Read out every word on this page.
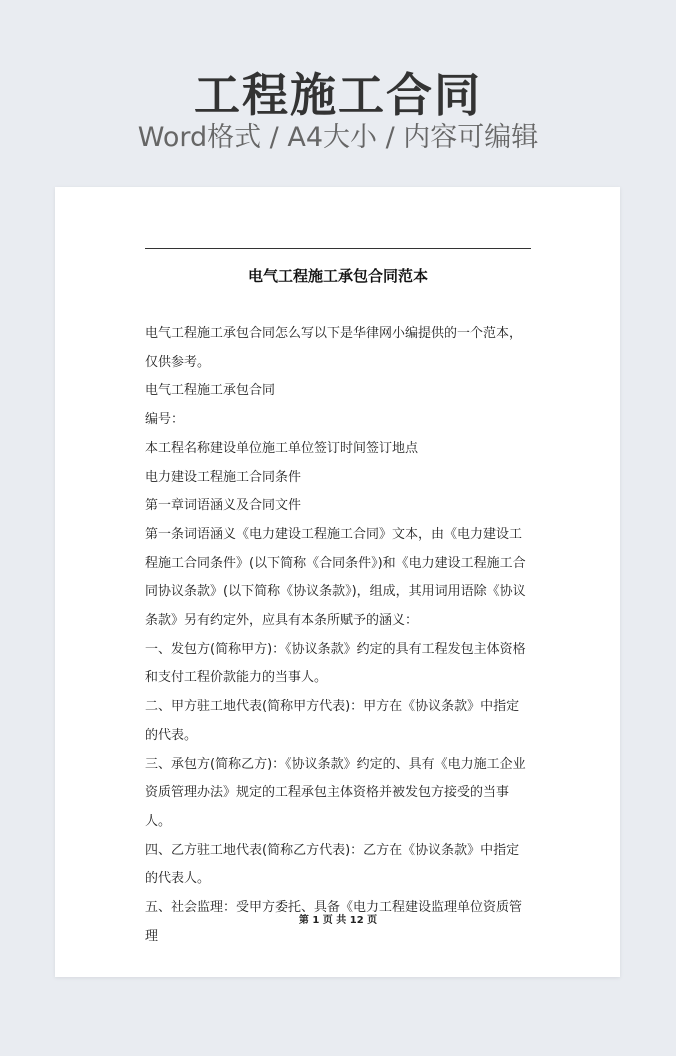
工程施工合同
Word格式 / A4大小 / 内容可编辑
电气工程施工承包合同范本

电气工程施工承包合同怎么写以下是华律网小编提供的一个范本，仅供参考。

电气工程施工承包合同

编号：

本工程名称建设单位施工单位签订时间签订地点

电力建设工程施工合同条件

第一章词语涵义及合同文件

第一条词语涵义《电力建设工程施工合同》文本，由《电力建设工程施工合同条件》(以下简称《合同条件》)和《电力建设工程施工合同协议条款》(以下简称《协议条款》)，组成，其用词用语除《协议条款》另有约定外，应具有本条所赋予的涵义：

一、发包方(简称甲方)：《协议条款》约定的具有工程发包主体资格和支付工程价款能力的当事人。

二、甲方驻工地代表(简称甲方代表)：甲方在《协议条款》中指定的代表。

三、承包方(简称乙方)：《协议条款》约定的、具有《电力施工企业资质管理办法》规定的工程承包主体资格并被发包方接受的当事人。

四、乙方驻工地代表(简称乙方代表)：乙方在《协议条款》中指定的代表人。

五、社会监理：受甲方委托、具备《电力工程建设监理单位资质管理

第 1 页 共 12 页
